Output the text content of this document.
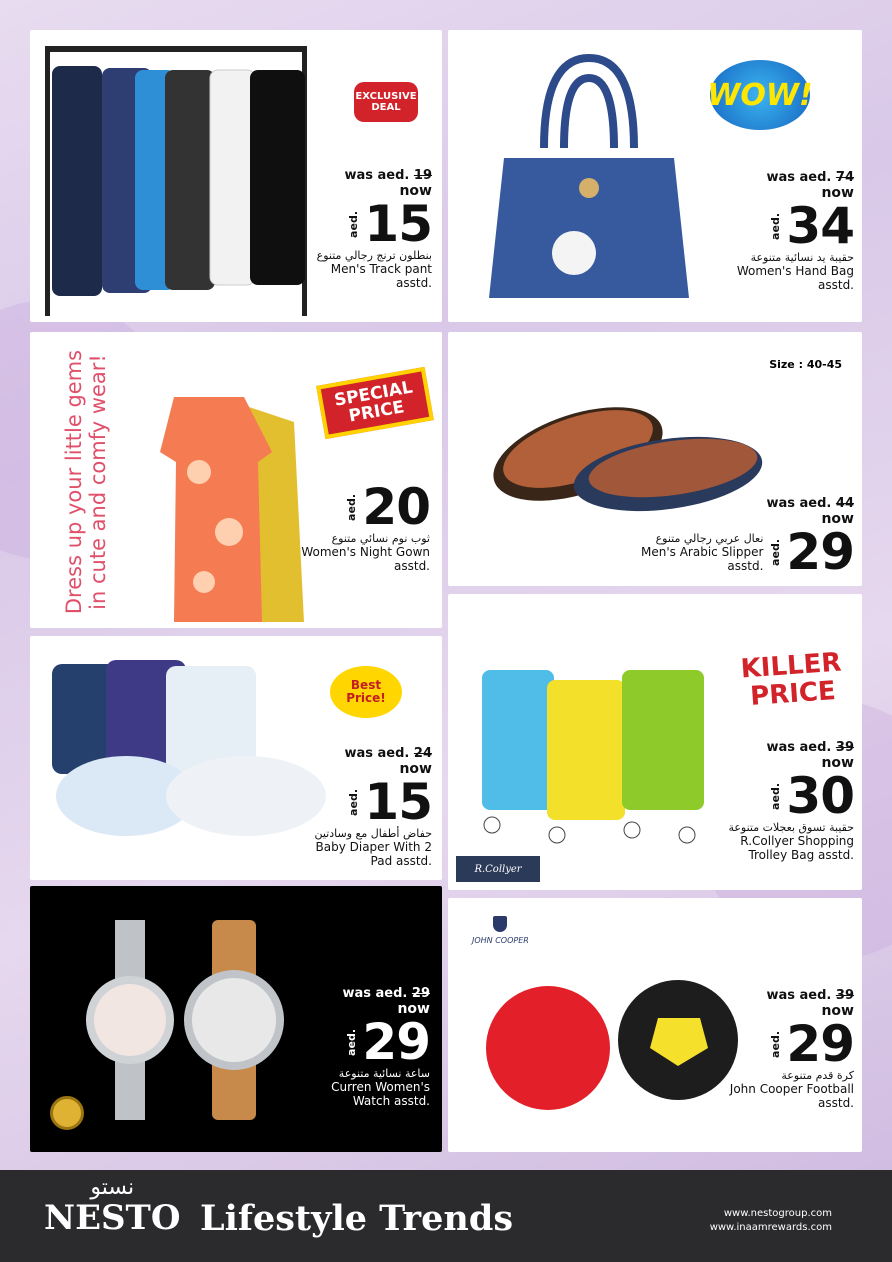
EXCLUSIVE DEAL
was aed. 19
now
aed. 15
بنطلون ترنج رجالي متنوع
Men's Track pant
asstd.
WOW!
was aed. 74
now
aed. 34
حقيبة يد نسائية متنوعة
Women's Hand Bag
asstd.
Dress up your little gems in cute and comfy wear!	SPECIAL PRICE
aed. 20
ثوب نوم نسائي متنوع
Women's Night Gown
asstd.
Size : 40-45
was aed. 44
now
نعال عربي رجالي متنوع
Men's Arabic Slipper
asstd.
aed. 29
Best Price!
was aed. 24
now
aed. 15
حفاض أطفال مع وسادتين
Baby Diaper With 2
Pad asstd.
R.Collyer
KILLER PRICE
was aed. 39
now
aed. 30
حقيبة تسوق بعجلات متنوعة
R.Collyer Shopping
Trolley Bag asstd.
was aed. 29
now
aed. 29
ساعة نسائية متنوعة
Curren Women's
Watch asstd.
JOHN COOPER
was aed. 39
now
aed. 29
كرة قدم متنوعة
John Cooper Football
asstd.
نستو
NESTO Lifestyle Trends	www.nestogroup.com
www.inaamrewards.com
